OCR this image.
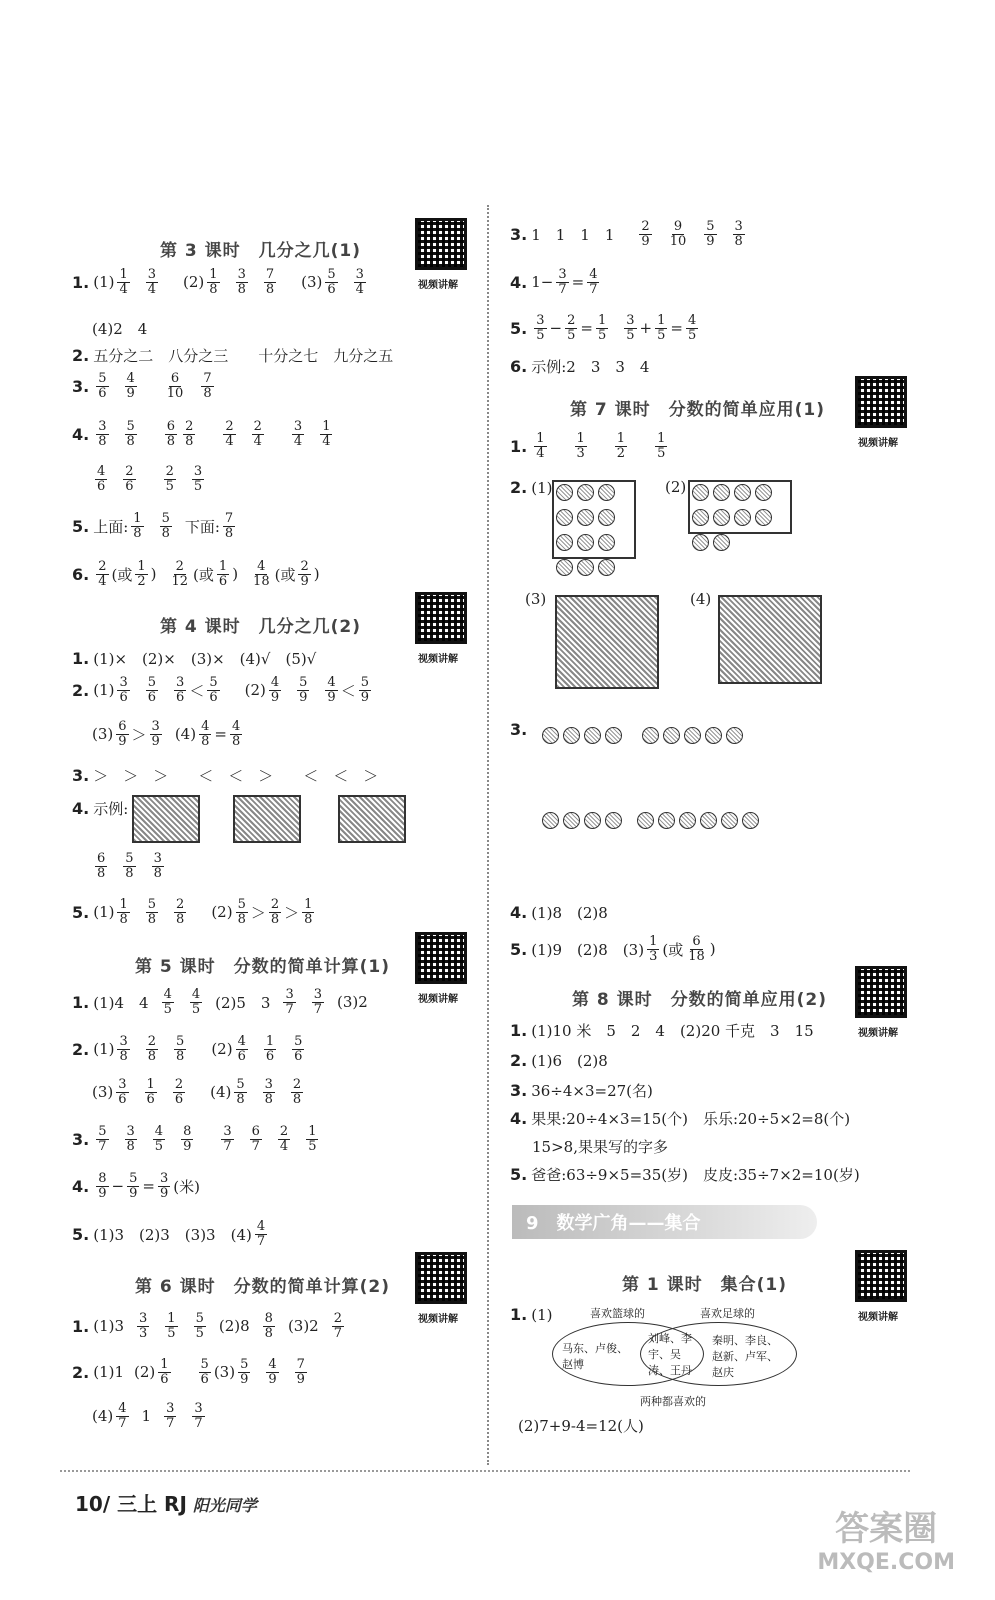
第 3 课时　几分之几(1)
视频讲解
1. $(1) \frac{1}{4} \frac{3}{4} (2) \frac{1}{8} \frac{3}{8} \frac{7}{8} (3) \frac{5}{6} \frac{3}{4}$
(4)2　4
2. 五分之二　八分之三　　十分之七　九分之五
3. $\frac{5}{6} \frac{4}{9} \frac{6}{10} \frac{7}{8}$
4. $\frac{3}{8} \frac{5}{8} \frac{6}{8} \frac{2}{8} \frac{2}{4} \frac{2}{4} \frac{3}{4} \frac{1}{4}$
$\frac{4}{6} \frac{2}{6} \frac{2}{5} \frac{3}{5}$
5. 上面: $\frac{1}{8} \frac{5}{8}$ 下面: $\frac{7}{8}$
6. $\frac{2}{4}$ (或 $\frac{1}{2}$ ) $\frac{2}{12}$ (或 $\frac{1}{6}$ ) $\frac{4}{18}$ (或 $\frac{2}{9}$ )
第 4 课时　几分之几(2)
视频讲解
1. (1)×　(2)×　(3)×　(4)√　(5)√
2. $(1) \frac{3}{6} \frac{5}{6} \frac{3}{6} < \frac{5}{6} (2) \frac{4}{9} \frac{5}{9} \frac{4}{9} < \frac{5}{9}$
$(3) \frac{6}{9} > \frac{3}{9} (4) \frac{4}{8} = \frac{4}{8}$
3. ＞　＞　＞　　＜　＜　＞　　＜　＜　＞
4. 示例:
$\frac{6}{8} \frac{5}{8} \frac{3}{8}$
5. $(1) \frac{1}{8} \frac{5}{8} \frac{2}{8} (2) \frac{5}{8} > \frac{2}{8} > \frac{1}{8}$
第 5 课时　分数的简单计算(1)
视频讲解
1. (1)4　$4 \frac{4}{5} \frac{4}{5} (2)5$　$3 \frac{3}{7} \frac{3}{7} (3)2$
2. $(1) \frac{3}{8} \frac{2}{8} \frac{5}{8} (2) \frac{4}{6} \frac{1}{6} \frac{5}{6}$
$(3) \frac{3}{6} \frac{1}{6} \frac{2}{6} (4) \frac{5}{8} \frac{3}{8} \frac{2}{8}$
3. $\frac{5}{7} \frac{3}{8} \frac{4}{5} \frac{8}{9} \frac{3}{7} \frac{6}{7} \frac{2}{4} \frac{1}{5}$
4. $\frac{8}{9} - \frac{5}{9} = \frac{3}{9}$ (米)
5. (1)3　(2)3　(3)3　$(4) \frac{4}{7}$
第 6 课时　分数的简单计算(2)
视频讲解
1. $(1)3 \frac{3}{3} \frac{1}{5} \frac{5}{5} (2)8 \frac{8}{8} (3)2 \frac{2}{7}$
2. (1)1 $(2) \frac{1}{6} \frac{5}{6} (3) \frac{5}{9} \frac{4}{9} \frac{7}{9}$
$(4) \frac{4}{7} 1 \frac{3}{7} \frac{3}{7}$
3. 1　1　1　$1 \frac{2}{9} \frac{9}{10} \frac{5}{9} \frac{3}{8}$
4. $1- \frac{3}{7} = \frac{4}{7}$
5. $\frac{3}{5} - \frac{2}{5} = \frac{1}{5} \frac{3}{5} + \frac{1}{5} = \frac{4}{5}$
6. 示例:2　3　3　4
第 7 课时　分数的简单应用(1)
视频讲解
1. $\frac{1}{4} \frac{1}{3} \frac{1}{2} \frac{1}{5}$
2. (1)	(2)
(3)	(4)
3.
4. (1)8　(2)8
5. (1)9　(2)8　$(3) \frac{1}{3}$ (或 $\frac{6}{18}$ )
第 8 课时　分数的简单应用(2)
视频讲解
1. (1)10 米　5　2　4　(2)20 千克　3　15
2. (1)6　(2)8
3. 36÷4×3=27(名)
4. 果果:20÷4×3=15(个)　乐乐:20÷5×2=8(个)
15>8,果果写的字多
5. 爸爸:63÷9×5=35(岁)　皮皮:35÷7×2=10(岁)
9　数学广角——集合
第 1 课时　集合(1)
视频讲解
1. (1)	喜欢篮球的	喜欢足球的
马东、卢俊、赵博
刘峰、李宇、吴涛、王丹
秦明、李良、赵新、卢军、赵庆
两种都喜欢的
(2)7+9-4=12(人)
10/ 三上 RJ 阳光同学
答案圈
MXQE.COM
